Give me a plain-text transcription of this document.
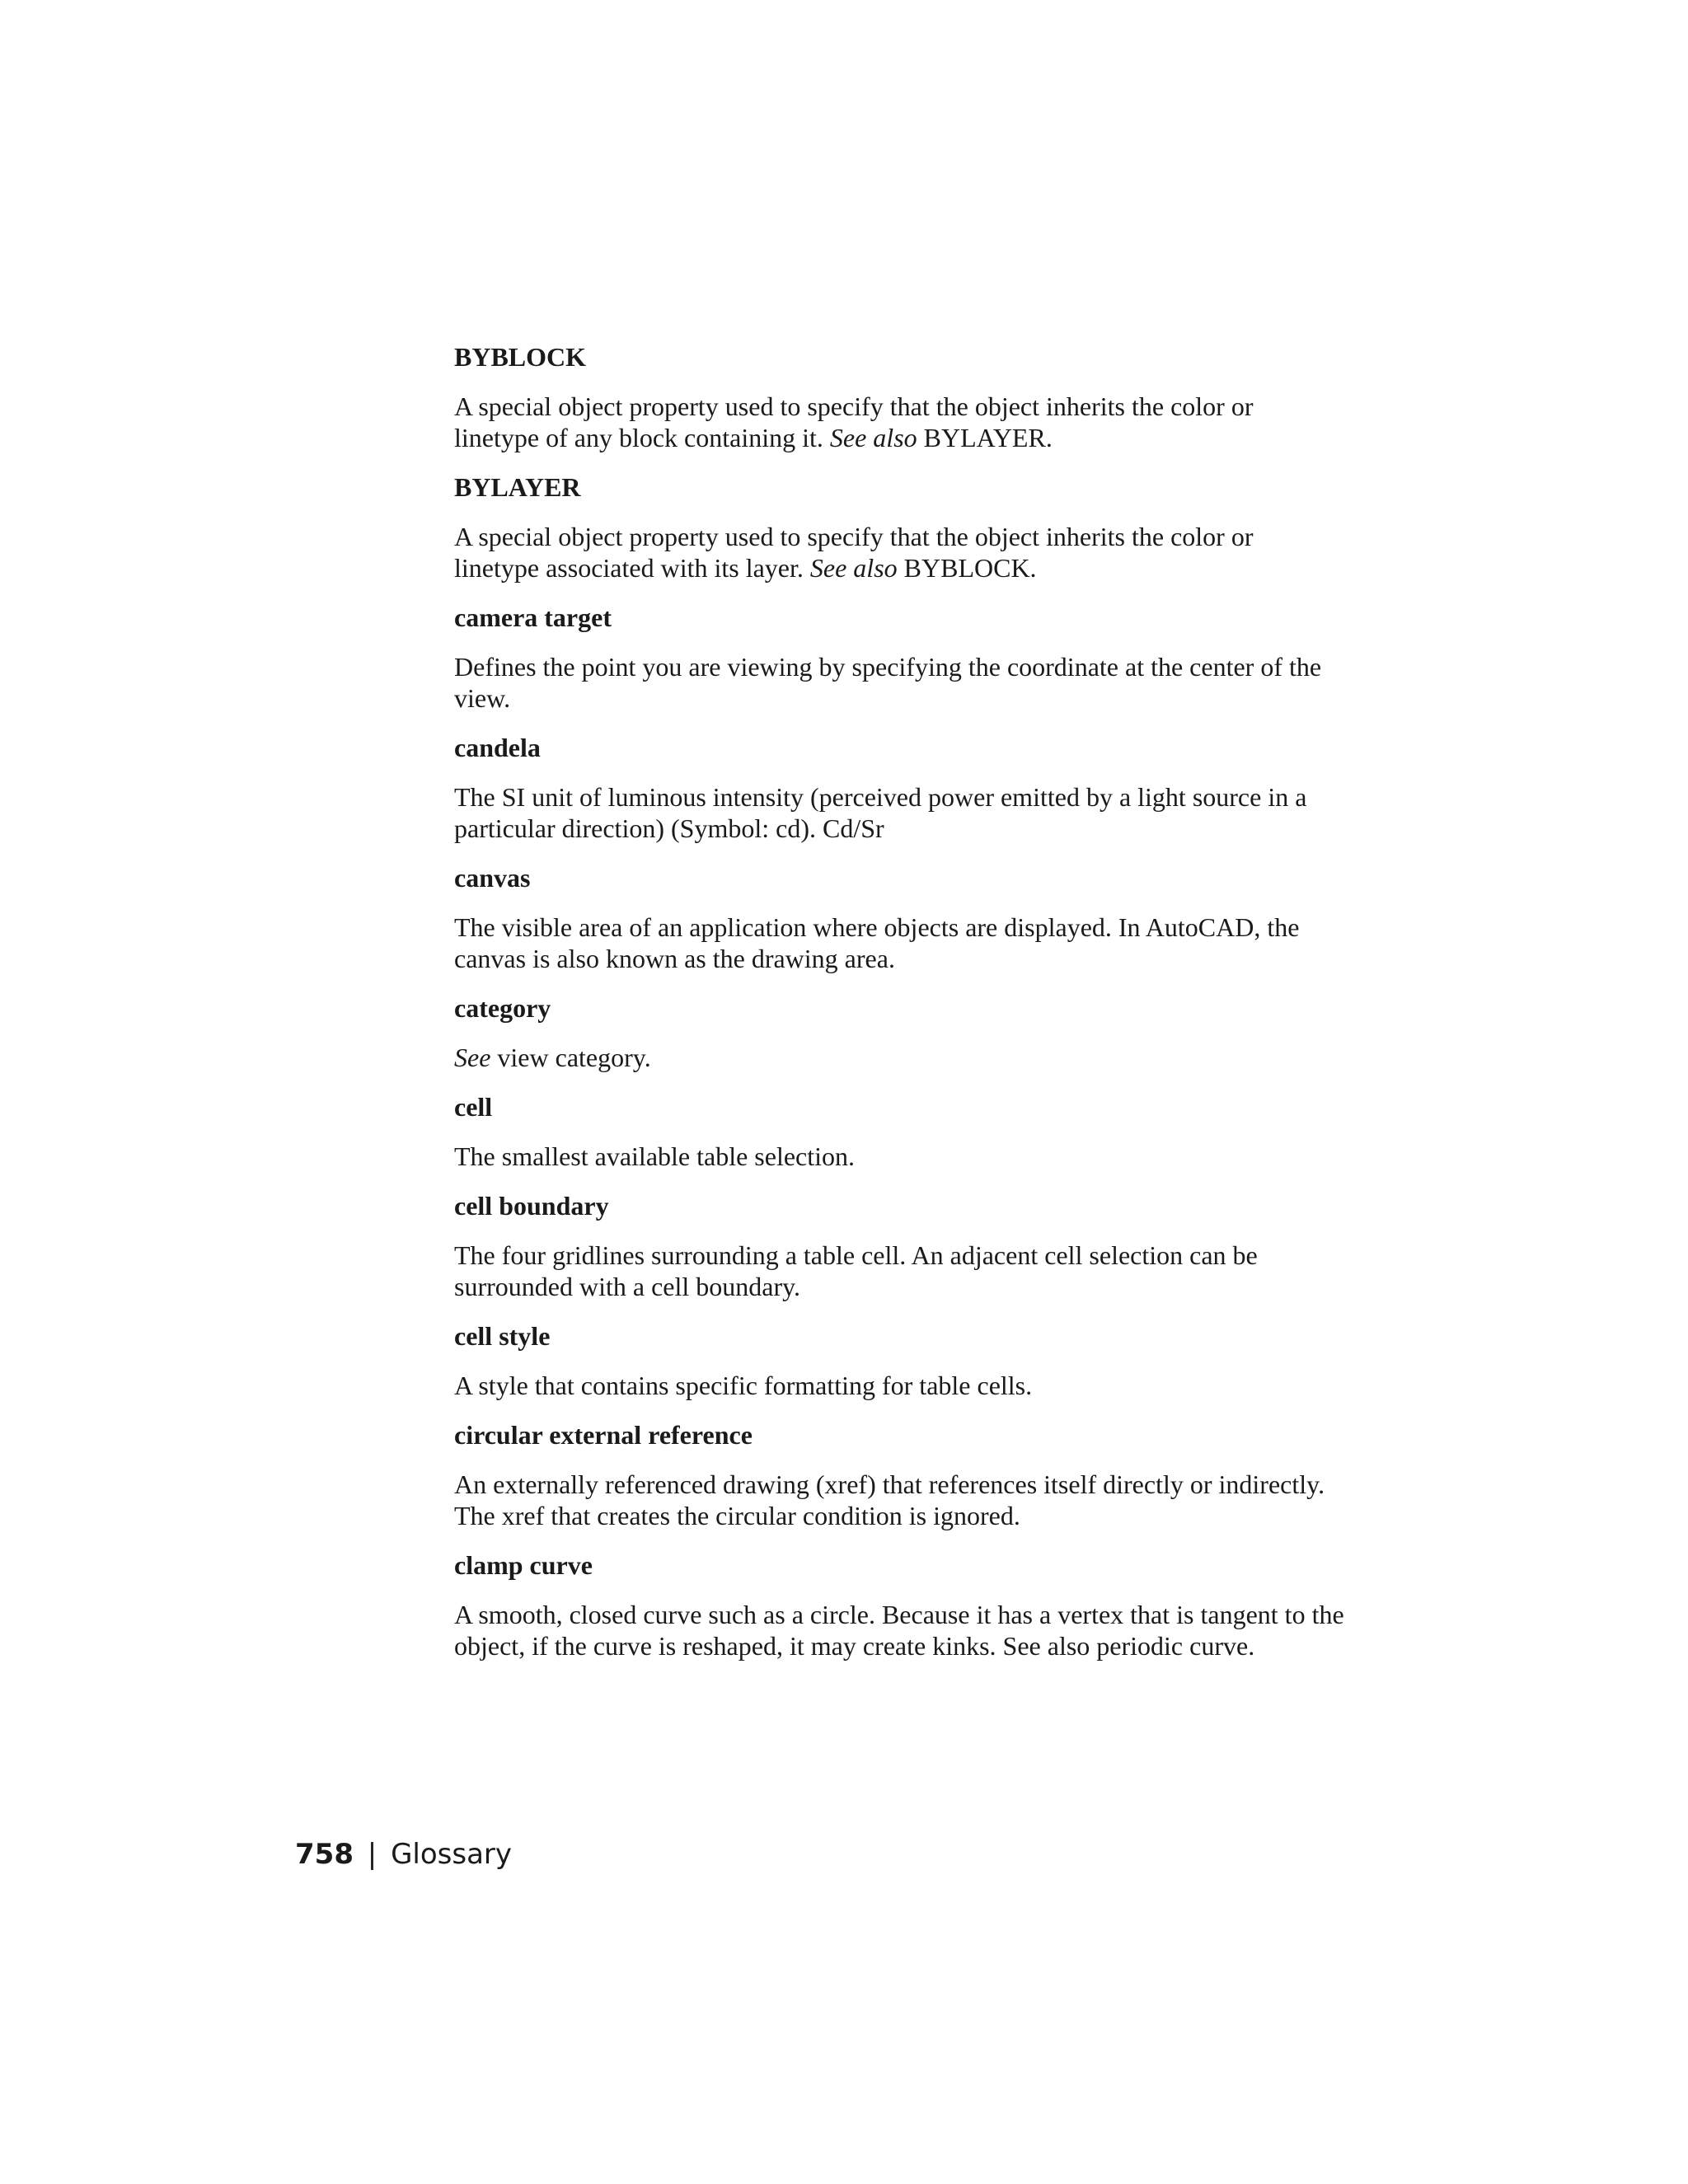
BYBLOCK

A special object property used to specify that the object inherits the color or linetype of any block containing it. See also BYLAYER.

BYLAYER

A special object property used to specify that the object inherits the color or linetype associated with its layer. See also BYBLOCK.

camera target

Defines the point you are viewing by specifying the coordinate at the center of the view.

candela

The SI unit of luminous intensity (perceived power emitted by a light source in a particular direction) (Symbol: cd). Cd/Sr

canvas

The visible area of an application where objects are displayed. In AutoCAD, the canvas is also known as the drawing area.

category

See view category.

cell

The smallest available table selection.

cell boundary

The four gridlines surrounding a table cell. An adjacent cell selection can be surrounded with a cell boundary.

cell style

A style that contains specific formatting for table cells.

circular external reference

An externally referenced drawing (xref) that references itself directly or indirectly. The xref that creates the circular condition is ignored.

clamp curve

A smooth, closed curve such as a circle. Because it has a vertex that is tangent to the object, if the curve is reshaped, it may create kinks. See also periodic curve.

758 | Glossary
